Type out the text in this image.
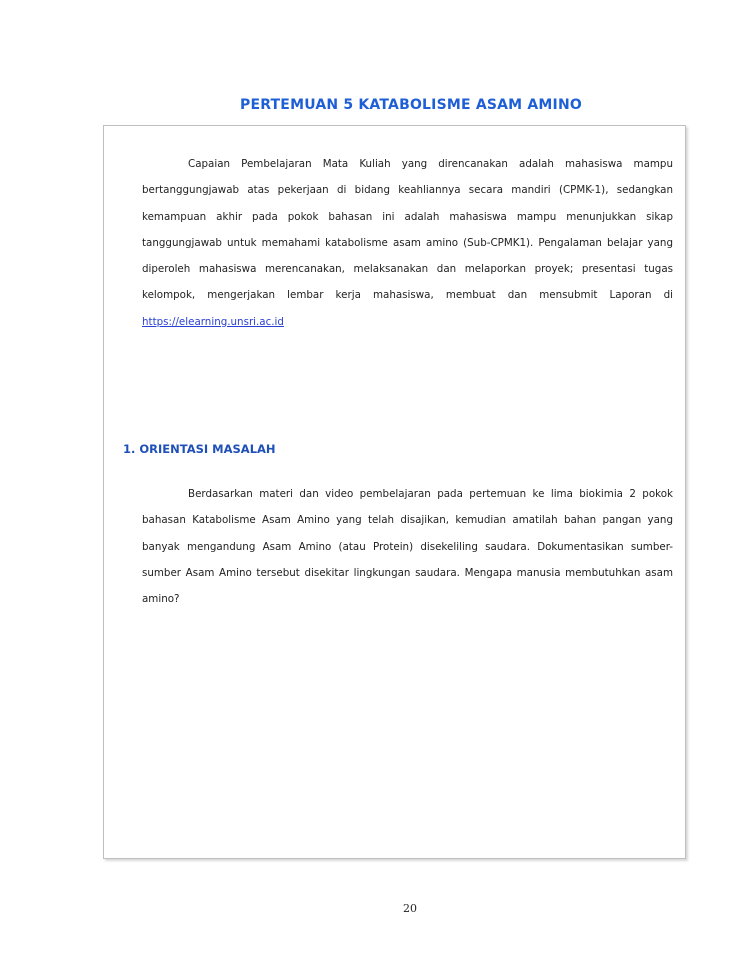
PERTEMUAN 5 KATABOLISME ASAM AMINO

Capaian Pembelajaran Mata Kuliah yang direncanakan adalah mahasiswa mampu bertanggungjawab atas pekerjaan di bidang keahliannya secara mandiri (CPMK-1), sedangkan kemampuan akhir pada pokok bahasan ini adalah mahasiswa mampu menunjukkan sikap tanggungjawab untuk memahami katabolisme asam amino (Sub-CPMK1). Pengalaman belajar yang diperoleh mahasiswa merencanakan, melaksanakan dan melaporkan proyek; presentasi tugas kelompok, mengerjakan lembar kerja mahasiswa, membuat dan mensubmit Laporan di https://elearning.unsri.ac.id

1. ORIENTASI MASALAH

Berdasarkan materi dan video pembelajaran pada pertemuan ke lima biokimia 2 pokok bahasan Katabolisme Asam Amino yang telah disajikan, kemudian amatilah bahan pangan yang banyak mengandung Asam Amino (atau Protein) disekeliling saudara. Dokumentasikan sumber-sumber Asam Amino tersebut disekitar lingkungan saudara. Mengapa manusia membutuhkan asam amino?

20
